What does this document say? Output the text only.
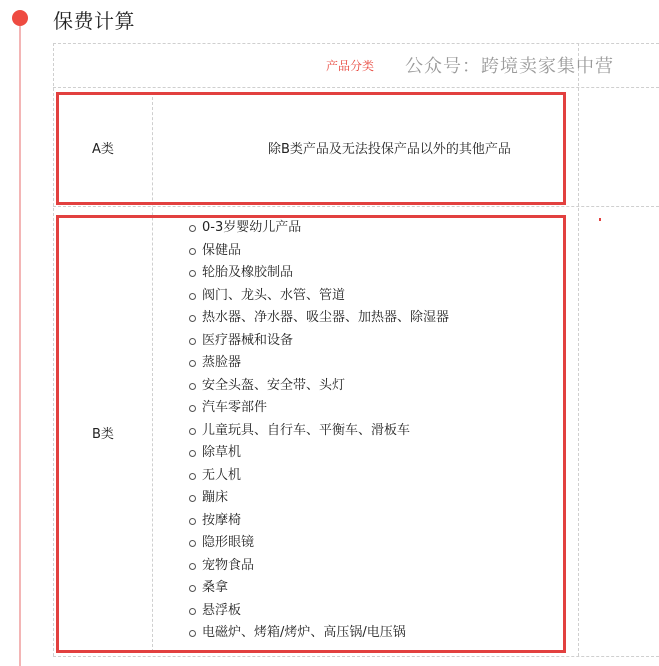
保费计算
产品分类	公众号：跨境卖家集中营
A类	除B类产品及无法投保产品以外的其他产品
B类
0-3岁婴幼儿产品
保健品
轮胎及橡胶制品
阀门、龙头、水管、管道
热水器、净水器、吸尘器、加热器、除湿器
医疗器械和设备
蒸脸器
安全头盔、安全带、头灯
汽车零部件
儿童玩具、自行车、平衡车、滑板车
除草机
无人机
蹦床
按摩椅
隐形眼镜
宠物食品
桑拿
悬浮板
电磁炉、烤箱/烤炉、高压锅/电压锅
